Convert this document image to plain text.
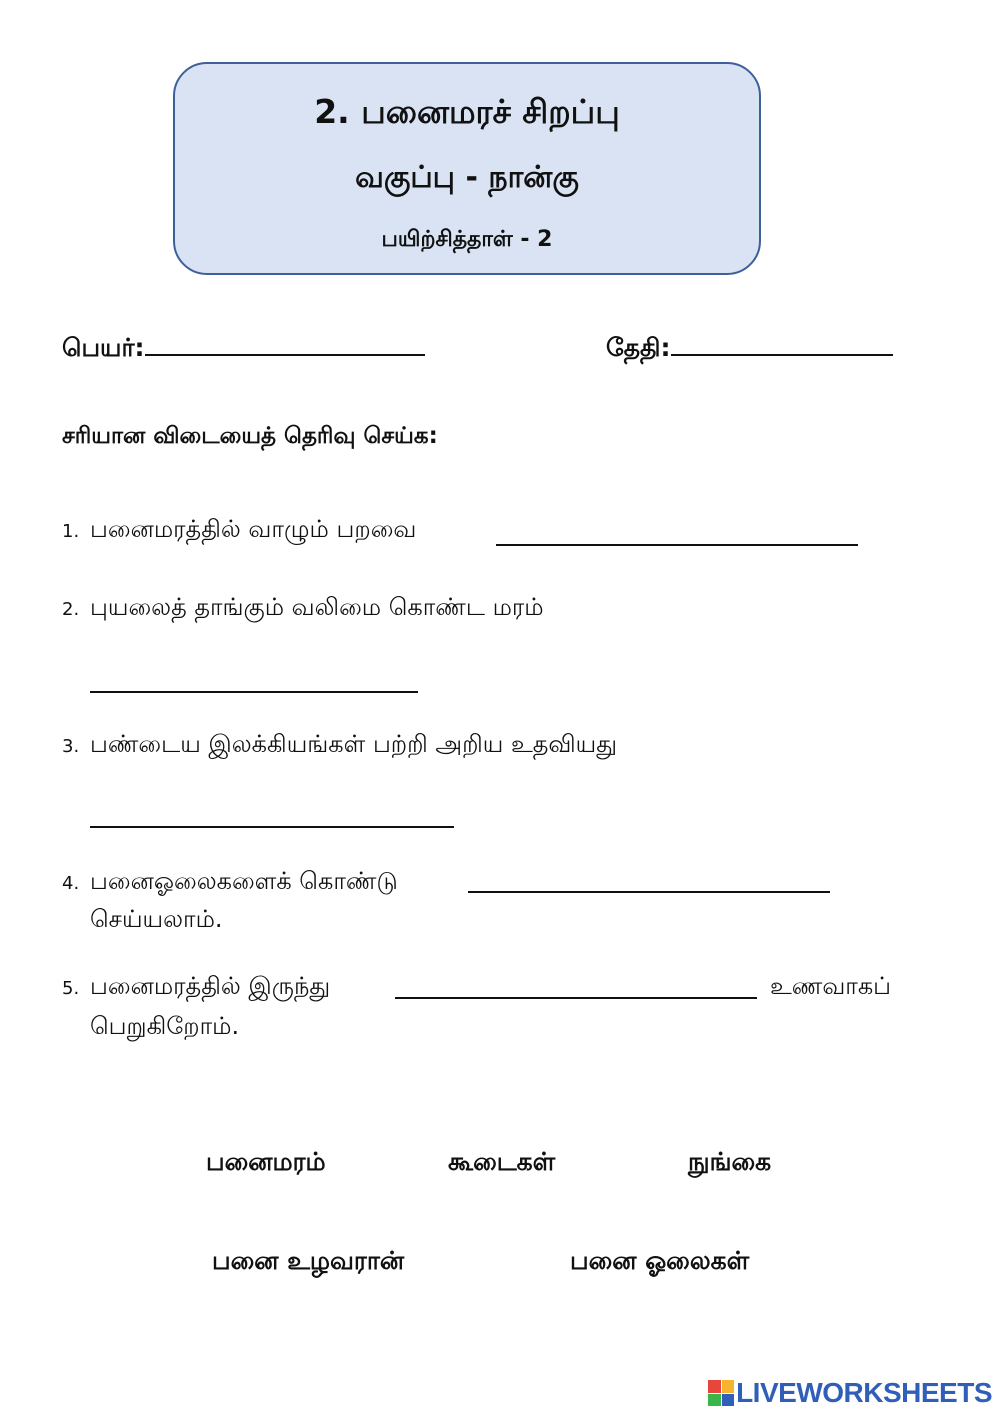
2. பனைமரச் சிறப்பு
வகுப்பு - நான்கு
பயிற்சித்தாள் - 2
பெயர்:	தேதி:
சரியான விடையைத் தெரிவு செய்க:
1. பனைமரத்தில் வாழும் பறவை
2. புயலைத் தாங்கும் வலிமை கொண்ட மரம்
3. பண்டைய இலக்கியங்கள் பற்றி அறிய உதவியது
4. பனைஓலைகளைக் கொண்டு
செய்யலாம்.
5. பனைமரத்தில் இருந்து	உணவாகப்
பெறுகிறோம்.
பனைமரம்	கூடைகள்	நுங்கை
பனை உழவரான்	பனை ஓலைகள்
LIVEWORKSHEETS
